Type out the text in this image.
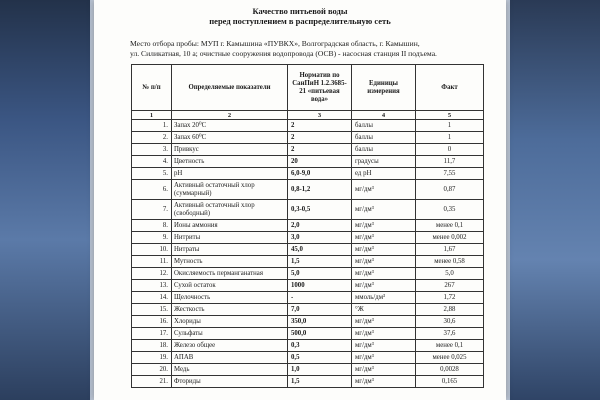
Качество питьевой воды
перед поступлением в распределительную сеть
Место отбора пробы: МУП г. Камышина «ПУВКХ», Волгоградская область, г. Камышин,
ул. Силикатная, 10 а; очистные сооружения водопровода (ОСВ) - насосная станция II подъема.
№ п/п	Определяемые показатели	Норматив по СанПиН 1.2.3685-21 «питьевая вода»	Единицы измерения	Факт
1	2	3	4	5
1.	Запах 20⁰С	2	баллы	1
2.	Запах 60⁰С	2	баллы	1
3.	Привкус	2	баллы	0
4.	Цветность	20	градусы	11,7
5.	pH	6,0-9,0	ед pH	7,55
6.	Активный остаточный хлор (суммарный)	0,8-1,2	мг/дм³	0,87
7.	Активный остаточный хлор (свободный)	0,3-0,5	мг/дм³	0,35
8.	Ионы аммония	2,0	мг/дм³	менее 0,1
9.	Нитриты	3,0	мг/дм³	менее 0,002
10.	Нитраты	45,0	мг/дм³	1,67
11.	Мутность	1,5	мг/дм³	менее 0,58
12.	Окисляемость перманганатная	5,0	мг/дм³	5,0
13.	Сухой остаток	1000	мг/дм³	267
14.	Щелочность	-	ммоль/дм³	1,72
15.	Жесткость	7,0	°Ж	2,88
16.	Хлориды	350,0	мг/дм³	30,6
17.	Сульфаты	500,0	мг/дм³	37,6
18.	Железо общее	0,3	мг/дм³	менее 0,1
19.	АПАВ	0,5	мг/дм³	менее 0,025
20.	Медь	1,0	мг/дм³	0,0028
21.	Фториды	1,5	мг/дм³	0,165
